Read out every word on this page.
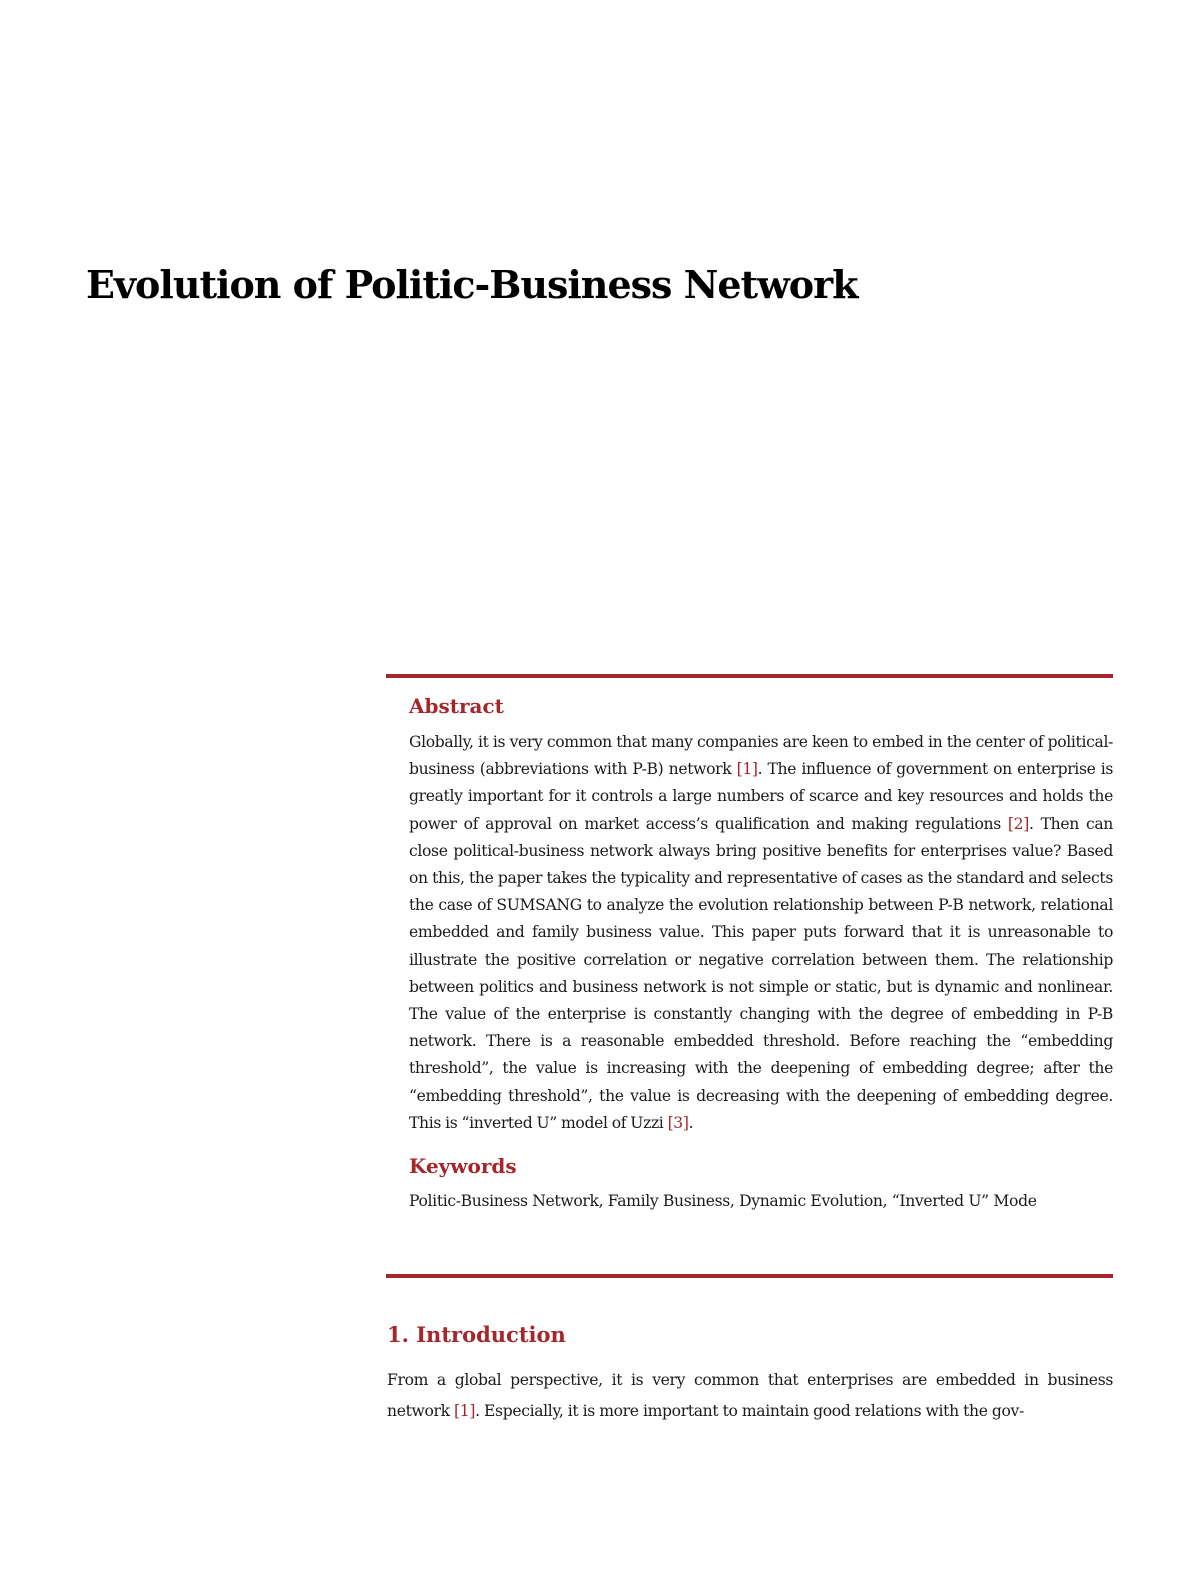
Evolution of Politic-Business Network
Abstract

Globally, it is very common that many companies are keen to embed in the center of political-business (abbreviations with P-B) network [1]. The influence of government on enterprise is greatly important for it controls a large numbers of scarce and key resources and holds the power of approval on market access’s qualification and making regulations [2]. Then can close political-business network always bring positive benefits for enterprises value? Based on this, the paper takes the typicality and representative of cases as the standard and selects the case of SUMSANG to analyze the evolution relationship between P-B network, relational embedded and family business value. This paper puts forward that it is unreasonable to illustrate the positive correlation or negative correlation between them. The relationship between politics and business network is not simple or static, but is dynamic and nonlinear. The value of the enterprise is constantly changing with the degree of embedding in P-B network. There is a reasonable embedded threshold. Before reaching the “embedding threshold”, the value is increasing with the deepening of embedding degree; after the “embedding threshold”, the value is decreasing with the deepening of embedding degree. This is “inverted U” model of Uzzi [3].

Keywords

Politic-Business Network, Family Business, Dynamic Evolution, “Inverted U” Mode

1. Introduction

From a global perspective, it is very common that enterprises are embedded in business network [1]. Especially, it is more important to maintain good relations with the gov-
